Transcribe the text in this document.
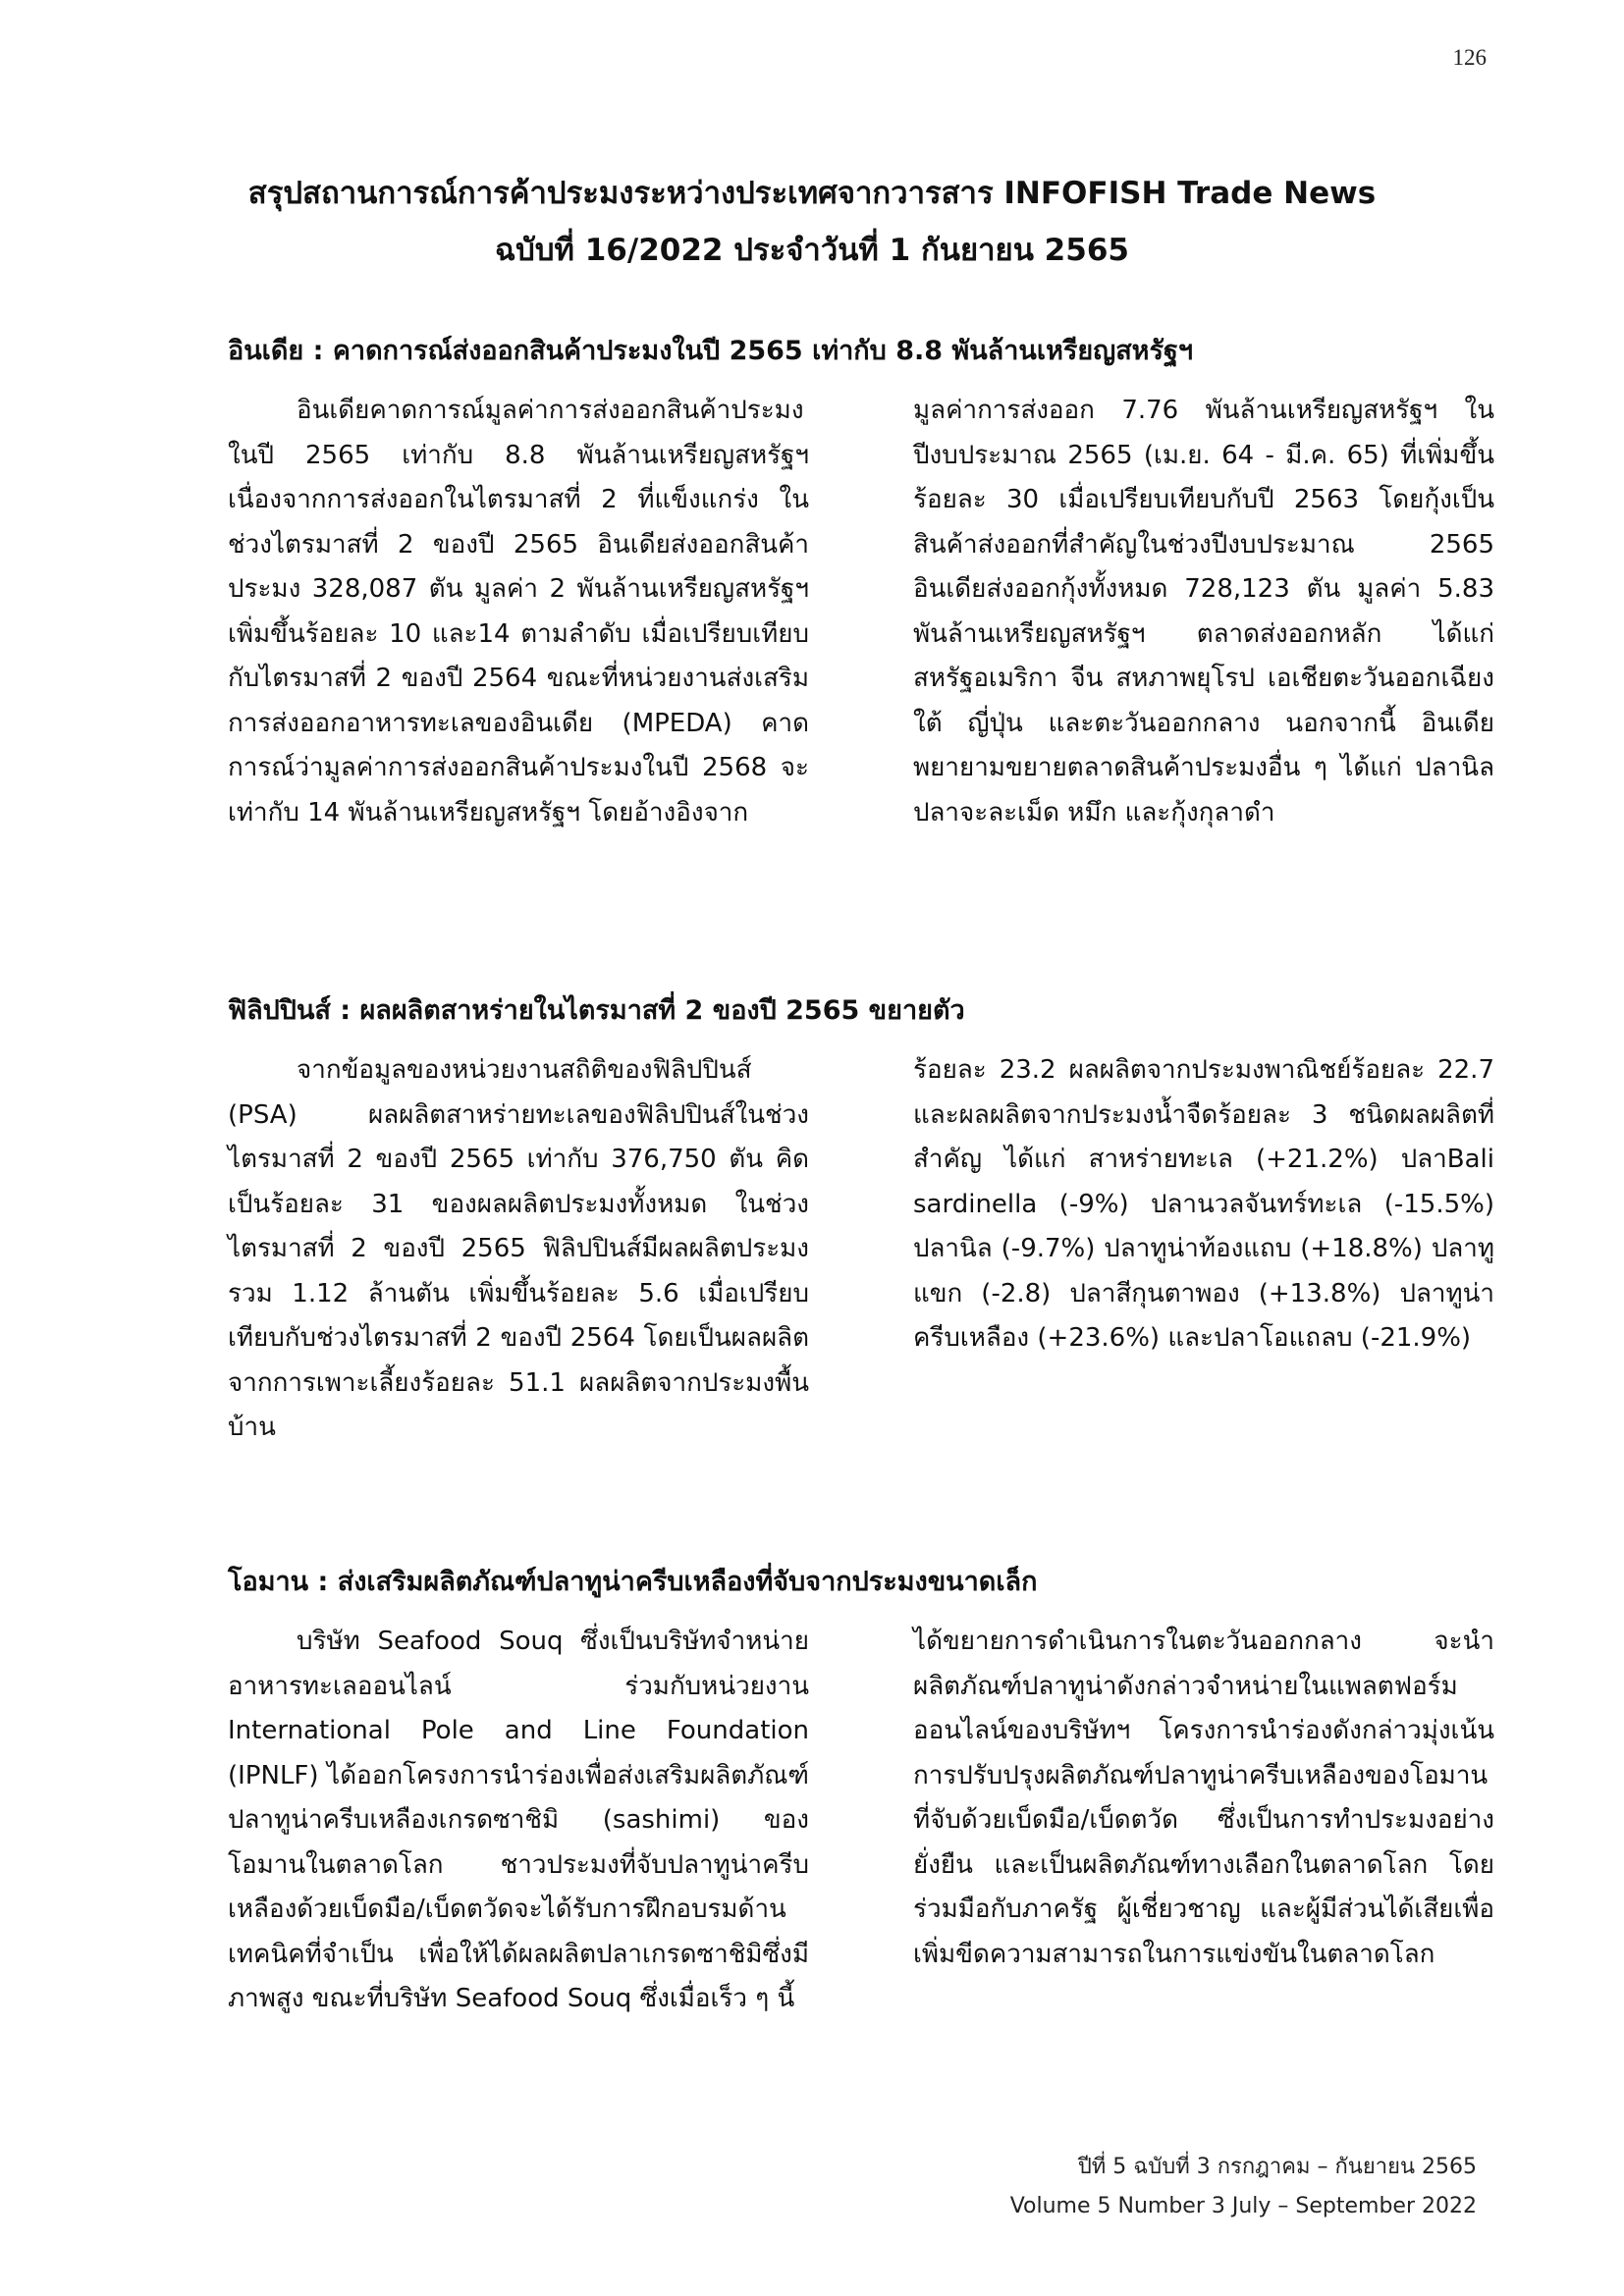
126
สรุปสถานการณ์การค้าประมงระหว่างประเทศจากวารสาร INFOFISH Trade News
ฉบับที่ 16/2022 ประจำวันที่ 1 กันยายน 2565
อินเดีย : คาดการณ์ส่งออกสินค้าประมงในปี 2565 เท่ากับ 8.8 พันล้านเหรียญสหรัฐฯ

อินเดียคาดการณ์มูลค่าการส่งออกสินค้าประมงในปี 2565 เท่ากับ 8.8 พันล้านเหรียญสหรัฐฯ เนื่องจากการส่งออกในไตรมาสที่ 2 ที่แข็งแกร่ง ในช่วงไตรมาสที่ 2 ของปี 2565 อินเดียส่งออกสินค้าประมง 328,087 ตัน มูลค่า 2 พันล้านเหรียญสหรัฐฯ เพิ่มขึ้นร้อยละ 10 และ14 ตามลำดับ เมื่อเปรียบเทียบกับไตรมาสที่ 2 ของปี 2564 ขณะที่หน่วยงานส่งเสริมการส่งออกอาหารทะเลของอินเดีย (MPEDA) คาดการณ์ว่ามูลค่าการส่งออกสินค้าประมงในปี 2568 จะเท่ากับ 14 พันล้านเหรียญสหรัฐฯ โดยอ้างอิงจาก

มูลค่าการส่งออก 7.76 พันล้านเหรียญสหรัฐฯ ในปีงบประมาณ 2565 (เม.ย. 64 - มี.ค. 65) ที่เพิ่มขึ้นร้อยละ 30 เมื่อเปรียบเทียบกับปี 2563 โดยกุ้งเป็นสินค้าส่งออกที่สำคัญในช่วงปีงบประมาณ 2565 อินเดียส่งออกกุ้งทั้งหมด 728,123 ตัน มูลค่า 5.83 พันล้านเหรียญสหรัฐฯ ตลาดส่งออกหลัก ได้แก่ สหรัฐอเมริกา จีน สหภาพยุโรป เอเชียตะวันออกเฉียงใต้ ญี่ปุ่น และตะวันออกกลาง นอกจากนี้ อินเดียพยายามขยายตลาดสินค้าประมงอื่น ๆ ได้แก่ ปลานิล ปลาจะละเม็ด หมึก และกุ้งกุลาดำ

ฟิลิปปินส์ : ผลผลิตสาหร่ายในไตรมาสที่ 2 ของปี 2565 ขยายตัว

จากข้อมูลของหน่วยงานสถิติของฟิลิปปินส์ (PSA) ผลผลิตสาหร่ายทะเลของฟิลิปปินส์ในช่วงไตรมาสที่ 2 ของปี 2565 เท่ากับ 376,750 ตัน คิดเป็นร้อยละ 31 ของผลผลิตประมงทั้งหมด ในช่วงไตรมาสที่ 2 ของปี 2565 ฟิลิปปินส์มีผลผลิตประมงรวม 1.12 ล้านตัน เพิ่มขึ้นร้อยละ 5.6 เมื่อเปรียบเทียบกับช่วงไตรมาสที่ 2 ของปี 2564 โดยเป็นผลผลิตจากการเพาะเลี้ยงร้อยละ 51.1 ผลผลิตจากประมงพื้นบ้าน

ร้อยละ 23.2 ผลผลิตจากประมงพาณิชย์ร้อยละ 22.7 และผลผลิตจากประมงน้ำจืดร้อยละ 3 ชนิดผลผลิตที่สำคัญ ได้แก่ สาหร่ายทะเล (+21.2%) ปลาBali sardinella (-9%) ปลานวลจันทร์ทะเล (-15.5%) ปลานิล (-9.7%) ปลาทูน่าท้องแถบ (+18.8%) ปลาทูแขก (-2.8) ปลาสีกุนตาพอง (+13.8%) ปลาทูน่าครีบเหลือง (+23.6%) และปลาโอแถลบ (-21.9%)

โอมาน : ส่งเสริมผลิตภัณฑ์ปลาทูน่าครีบเหลืองที่จับจากประมงขนาดเล็ก

บริษัท Seafood Souq ซึ่งเป็นบริษัทจำหน่ายอาหารทะเลออนไลน์ ร่วมกับหน่วยงาน International Pole and Line Foundation (IPNLF) ได้ออกโครงการนำร่องเพื่อส่งเสริมผลิตภัณฑ์ปลาทูน่าครีบเหลืองเกรดซาชิมิ (sashimi) ของโอมานในตลาดโลก ชาวประมงที่จับปลาทูน่าครีบเหลืองด้วยเบ็ดมือ/เบ็ดตวัดจะได้รับการฝึกอบรมด้านเทคนิคที่จำเป็น เพื่อให้ได้ผลผลิตปลาเกรดซาชิมิซึ่งมีภาพสูง ขณะที่บริษัท Seafood Souq ซึ่งเมื่อเร็ว ๆ นี้

ได้ขยายการดำเนินการในตะวันออกกลาง จะนำผลิตภัณฑ์ปลาทูน่าดังกล่าวจำหน่ายในแพลตฟอร์มออนไลน์ของบริษัทฯ โครงการนำร่องดังกล่าวมุ่งเน้นการปรับปรุงผลิตภัณฑ์ปลาทูน่าครีบเหลืองของโอมานที่จับด้วยเบ็ดมือ/เบ็ดตวัด ซึ่งเป็นการทำประมงอย่างยั่งยืน และเป็นผลิตภัณฑ์ทางเลือกในตลาดโลก โดยร่วมมือกับภาครัฐ ผู้เชี่ยวชาญ และผู้มีส่วนได้เสียเพื่อเพิ่มขีดความสามารถในการแข่งขันในตลาดโลก

ปีที่ 5 ฉบับที่ 3 กรกฎาคม – กันยายน 2565
Volume 5 Number 3 July – September 2022
